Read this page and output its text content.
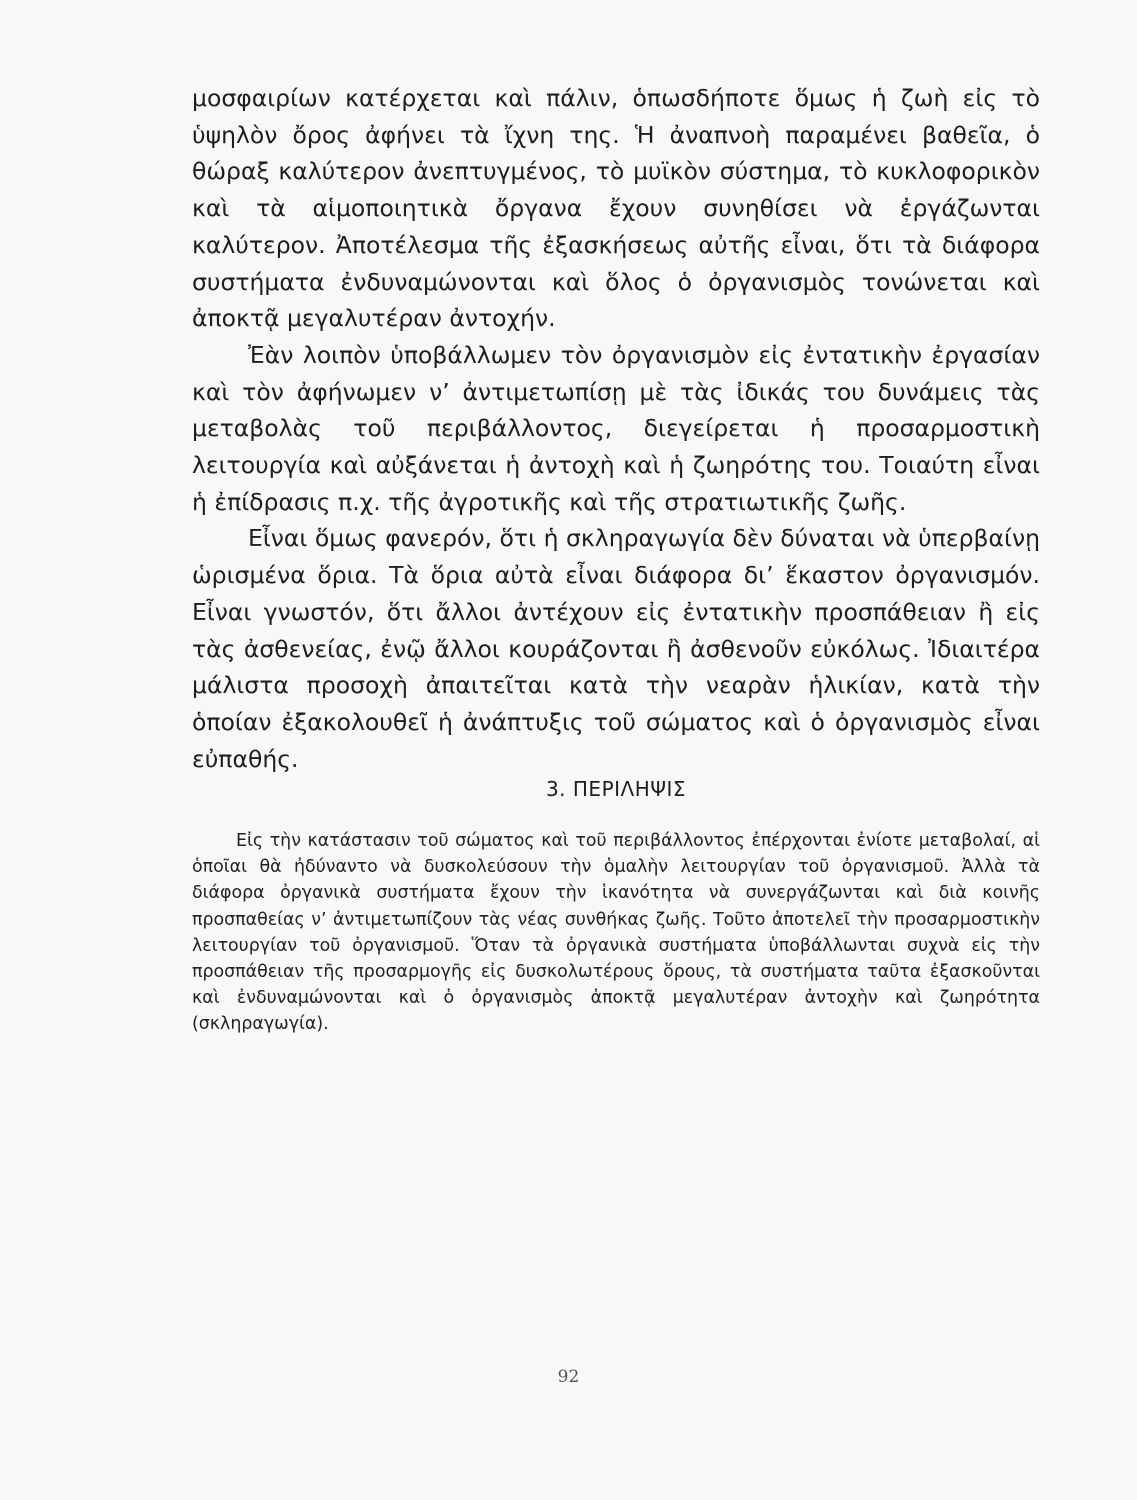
μοσφαιρίων κατέρχεται καὶ πάλιν, ὁπωσδήποτε ὅμως ἡ ζωὴ εἰς τὸ ὑψηλὸν ὄρος ἀφήνει τὰ ἴχνη της. Ἡ ἀναπνοὴ παραμένει βαθεῖα, ὁ θώραξ καλύτερον ἀνεπτυγμένος, τὸ μυϊκὸν σύστημα, τὸ κυκλοφορικὸν καὶ τὰ αἱμοποιητικὰ ὄργανα ἔχουν συνηθίσει νὰ ἐργάζωνται καλύτερον. Ἀποτέλεσμα τῆς ἐξασκήσεως αὐτῆς εἶναι, ὅτι τὰ διάφορα συστήματα ἐνδυναμώνονται καὶ ὅλος ὁ ὀργανισμὸς τονώνεται καὶ ἀποκτᾷ μεγαλυτέραν ἀντοχήν.

Ἐὰν λοιπὸν ὑποβάλλωμεν τὸν ὀργανισμὸν εἰς ἐντατικὴν ἐργασίαν καὶ τὸν ἀφήνωμεν ν’ ἀντιμετωπίσῃ μὲ τὰς ἰδικάς του δυνάμεις τὰς μεταβολὰς τοῦ περιβάλλοντος, διεγείρεται ἡ προσαρμοστικὴ λειτουργία καὶ αὐξάνεται ἡ ἀντοχὴ καὶ ἡ ζωηρότης του. Τοιαύτη εἶναι ἡ ἐπίδρασις π.χ. τῆς ἀγροτικῆς καὶ τῆς στρατιωτικῆς ζωῆς.

Εἶναι ὅμως φανερόν, ὅτι ἡ σκληραγωγία δὲν δύναται νὰ ὑπερβαίνῃ ὡρισμένα ὅρια. Τὰ ὅρια αὐτὰ εἶναι διάφορα δι’ ἕκαστον ὀργανισμόν. Εἶναι γνωστόν, ὅτι ἄλλοι ἀντέχουν εἰς ἐντατικὴν προσπάθειαν ἢ εἰς τὰς ἀσθενείας, ἐνῷ ἄλλοι κουράζονται ἢ ἀσθενοῦν εὐκόλως. Ἰδιαιτέρα μάλιστα προσοχὴ ἀπαιτεῖται κατὰ τὴν νεαρὰν ἡλικίαν, κατὰ τὴν ὁποίαν ἐξακολουθεῖ ἡ ἀνάπτυξις τοῦ σώματος καὶ ὁ ὀργανισμὸς εἶναι εὐπαθής.

3. ΠΕΡΙΛΗΨΙΣ

Εἰς τὴν κατάστασιν τοῦ σώματος καὶ τοῦ περιβάλλοντος ἐπέρχονται ἐνίοτε μεταβολαί, αἱ ὁποῖαι θὰ ἠδύναντο νὰ δυσκολεύσουν τὴν ὁμαλὴν λειτουργίαν τοῦ ὀργανισμοῦ. Ἀλλὰ τὰ διάφορα ὀργανικὰ συστήματα ἔχουν τὴν ἱκανότητα νὰ συνεργάζωνται καὶ διὰ κοινῆς προσπαθείας ν’ ἀντιμετωπίζουν τὰς νέας συνθήκας ζωῆς. Τοῦτο ἀποτελεῖ τὴν προσαρμοστικὴν λειτουργίαν τοῦ ὀργανισμοῦ. Ὅταν τὰ ὀργανικὰ συστήματα ὑποβάλλωνται συχνὰ εἰς τὴν προσπάθειαν τῆς προσαρμογῆς εἰς δυσκολωτέρους ὅρους, τὰ συστήματα ταῦτα ἐξασκοῦνται καὶ ἐνδυναμώνονται καὶ ὁ ὀργανισμὸς ἀποκτᾷ μεγαλυτέραν ἀντοχὴν καὶ ζωηρότητα (σκληραγωγία).

92
